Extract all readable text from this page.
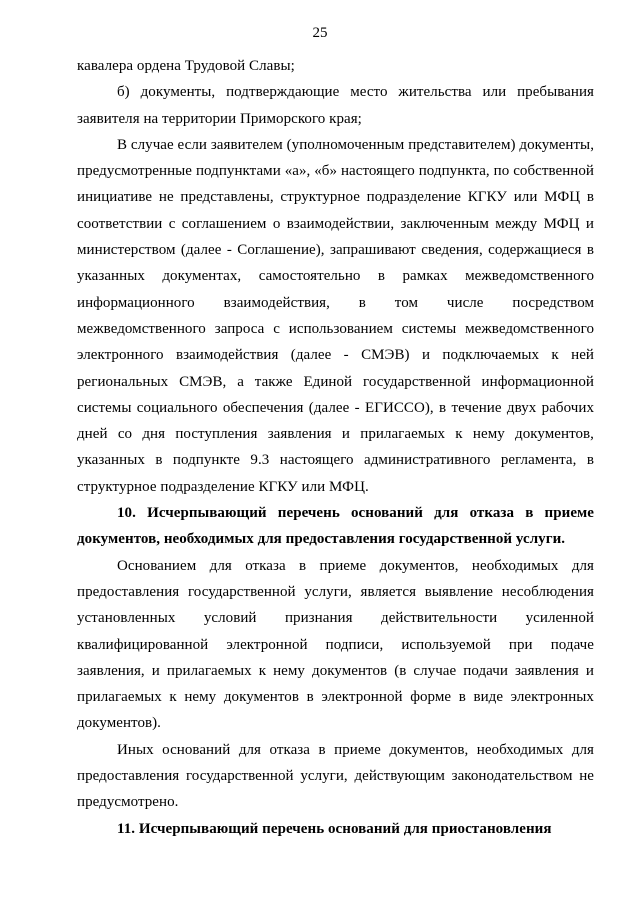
25

кавалера ордена Трудовой Славы;

б) документы, подтверждающие место жительства или пребывания заявителя на территории Приморского края;

В случае если заявителем (уполномоченным представителем) документы, предусмотренные подпунктами «а», «б» настоящего подпункта, по собственной инициативе не представлены, структурное подразделение КГКУ или МФЦ в соответствии с соглашением о взаимодействии, заключенным между МФЦ и министерством (далее - Соглашение), запрашивают сведения, содержащиеся в указанных документах, самостоятельно в рамках межведомственного информационного взаимодействия, в том числе посредством межведомственного запроса с использованием системы межведомственного электронного взаимодействия (далее - СМЭВ) и подключаемых к ней региональных СМЭВ, а также Единой государственной информационной системы социального обеспечения (далее - ЕГИССО), в течение двух рабочих дней со дня поступления заявления и прилагаемых к нему документов, указанных в подпункте 9.3 настоящего административного регламента, в структурное подразделение КГКУ или МФЦ.

10. Исчерпывающий перечень оснований для отказа в приеме документов, необходимых для предоставления государственной услуги.

Основанием для отказа в приеме документов, необходимых для предоставления государственной услуги, является выявление несоблюдения установленных условий признания действительности усиленной квалифицированной электронной подписи, используемой при подаче заявления, и прилагаемых к нему документов (в случае подачи заявления и прилагаемых к нему документов в электронной форме в виде электронных документов).

Иных оснований для отказа в приеме документов, необходимых для предоставления государственной услуги, действующим законодательством не предусмотрено.

11. Исчерпывающий перечень оснований для приостановления
